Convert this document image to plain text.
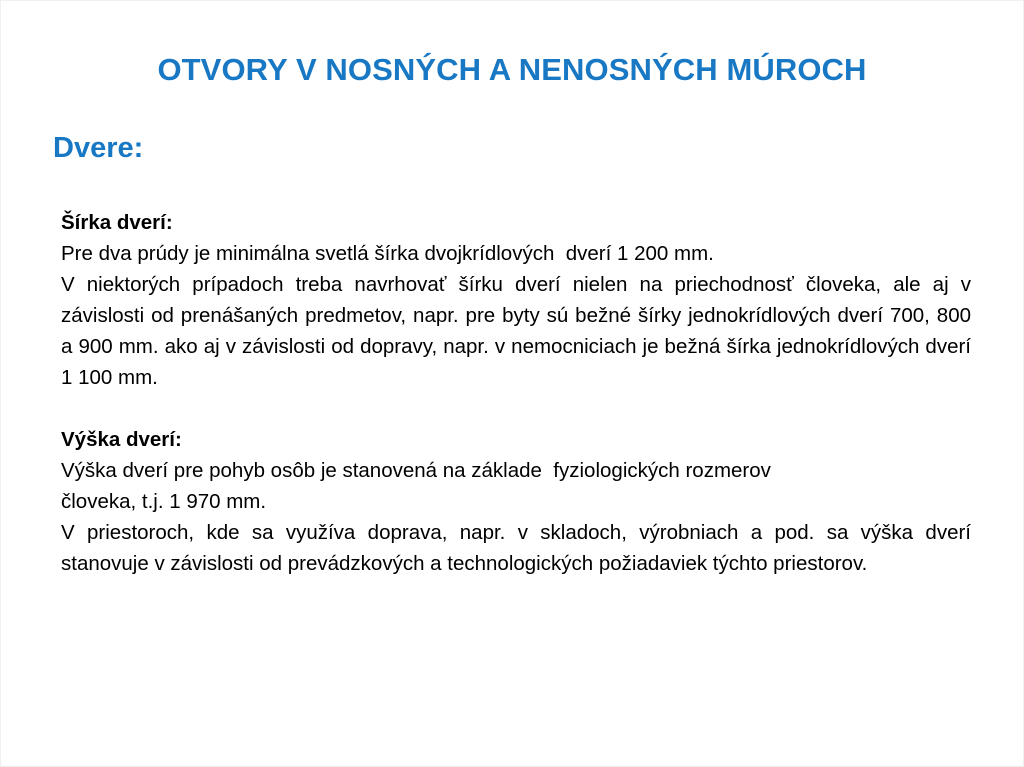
OTVORY V NOSNÝCH A NENOSNÝCH MÚROCH
Dvere:

Šírka dverí:

Pre dva prúdy je minimálna svetlá šírka dvojkrídlových  dverí 1 200 mm.

V niektorých prípadoch treba navrhovať šírku dverí nielen na priechodnosť človeka, ale aj v závislosti od prenášaných predmetov, napr. pre byty sú bežné šírky jednokrídlových dverí 700, 800 a 900 mm. ako aj v závislosti od dopravy, napr. v nemocniciach je bežná šírka jednokrídlových dverí 1 100 mm.

Výška dverí:

Výška dverí pre pohyb osôb je stanovená na základe  fyziologických rozmerov

človeka, t.j. 1 970 mm.

V priestoroch, kde sa využíva doprava, napr. v skladoch, výrobniach a pod. sa výška dverí stanovuje v závislosti od prevádzkových a technologických požiadaviek týchto priestorov.
